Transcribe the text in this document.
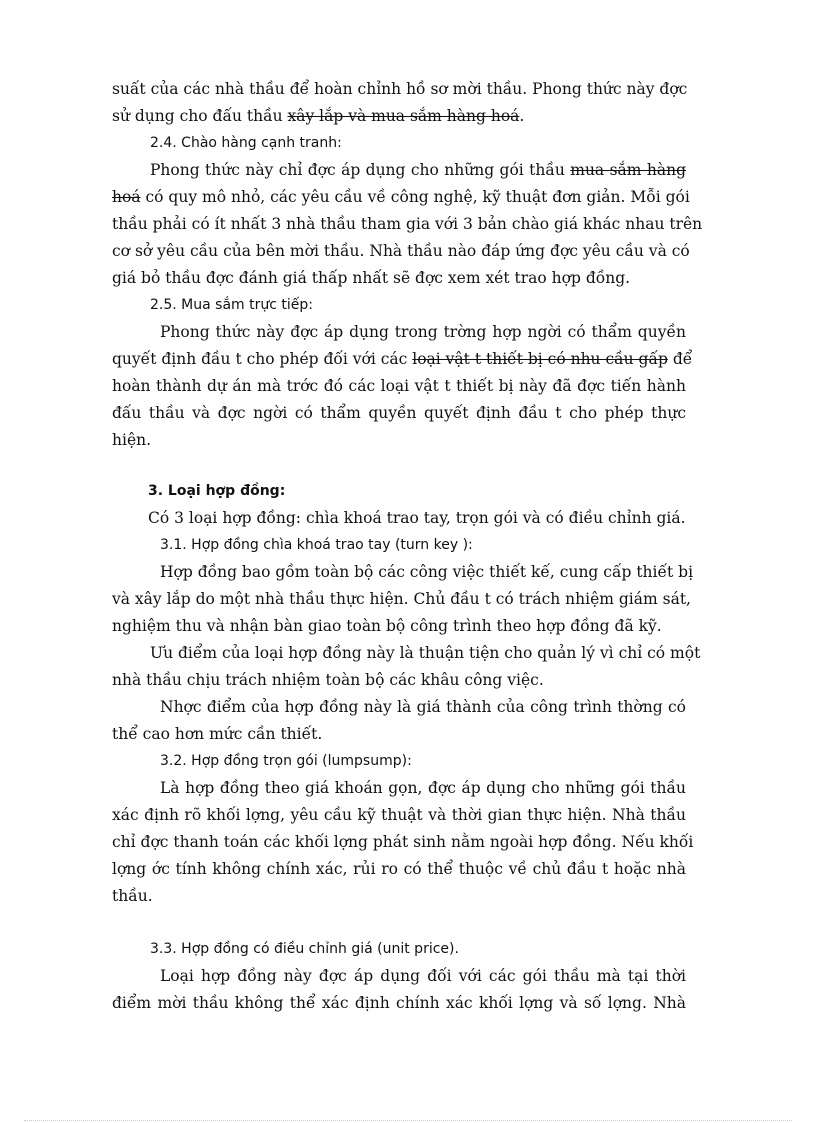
suất của các nhà thầu để hoàn chỉnh hồ sơ mời thầu. Phong thức này đợc
sử dụng cho đấu thầu xây lắp và mua sắm hàng hoá.
2.4. Chào hàng cạnh tranh:
Phong thức này chỉ đợc áp dụng cho những gói thầu mua sắm hàng
hoá có quy mô nhỏ, các yêu cầu về công nghệ, kỹ thuật đơn giản. Mỗi gói
thầu phải có ít nhất 3 nhà thầu tham gia với 3 bản chào giá khác nhau trên
cơ sở yêu cầu của bên mời thầu. Nhà thầu nào đáp ứng đợc yêu cầu và có
giá bỏ thầu đợc đánh giá thấp nhất sẽ đợc xem xét trao hợp đồng.
2.5. Mua sắm trực tiếp:
Phong thức này đợc áp dụng trong trờng hợp ngời có thẩm quyền
quyết định đầu t cho phép đối với các loại vật t thiết bị có nhu cầu gấp để
hoàn thành dự án mà trớc đó các loại vật t thiết bị này đã đợc tiến hành
đấu thầu và đợc ngời có thẩm quyền quyết định đầu t cho phép thực
hiện.
3. Loại hợp đồng:
Có 3 loại hợp đồng: chìa khoá trao tay, trọn gói và có điều chỉnh giá.
3.1. Hợp đồng chìa khoá trao tay (turn key ):
Hợp đồng bao gồm toàn bộ các công việc thiết kế, cung cấp thiết bị
và xây lắp do một nhà thầu thực hiện. Chủ đầu t có trách nhiệm giám sát,
nghiệm thu và nhận bàn giao toàn bộ công trình theo hợp đồng đã kỹ.
Ưu điểm của loại hợp đồng này là thuận tiện cho quản lý vì chỉ có một
nhà thầu chịu trách nhiệm toàn bộ các khâu công việc.
Nhợc điểm của hợp đồng này là giá thành của công trình thờng có
thể cao hơn mức cần thiết.
3.2. Hợp đồng trọn gói (lumpsump):
Là hợp đồng theo giá khoán gọn, đợc áp dụng cho những gói thầu
xác định rõ khối lợng, yêu cầu kỹ thuật và thời gian thực hiện. Nhà thầu
chỉ đợc thanh toán các khối lợng phát sinh nằm ngoài hợp đồng. Nếu khối
lợng ớc tính không chính xác, rủi ro có thể thuộc về chủ đầu t hoặc nhà
thầu.
3.3. Hợp đồng có điều chỉnh giá (unit price).
Loại hợp đồng này đợc áp dụng đối với các gói thầu mà tại thời
điểm mời thầu không thể xác định chính xác khối lợng và số lợng. Nhà
